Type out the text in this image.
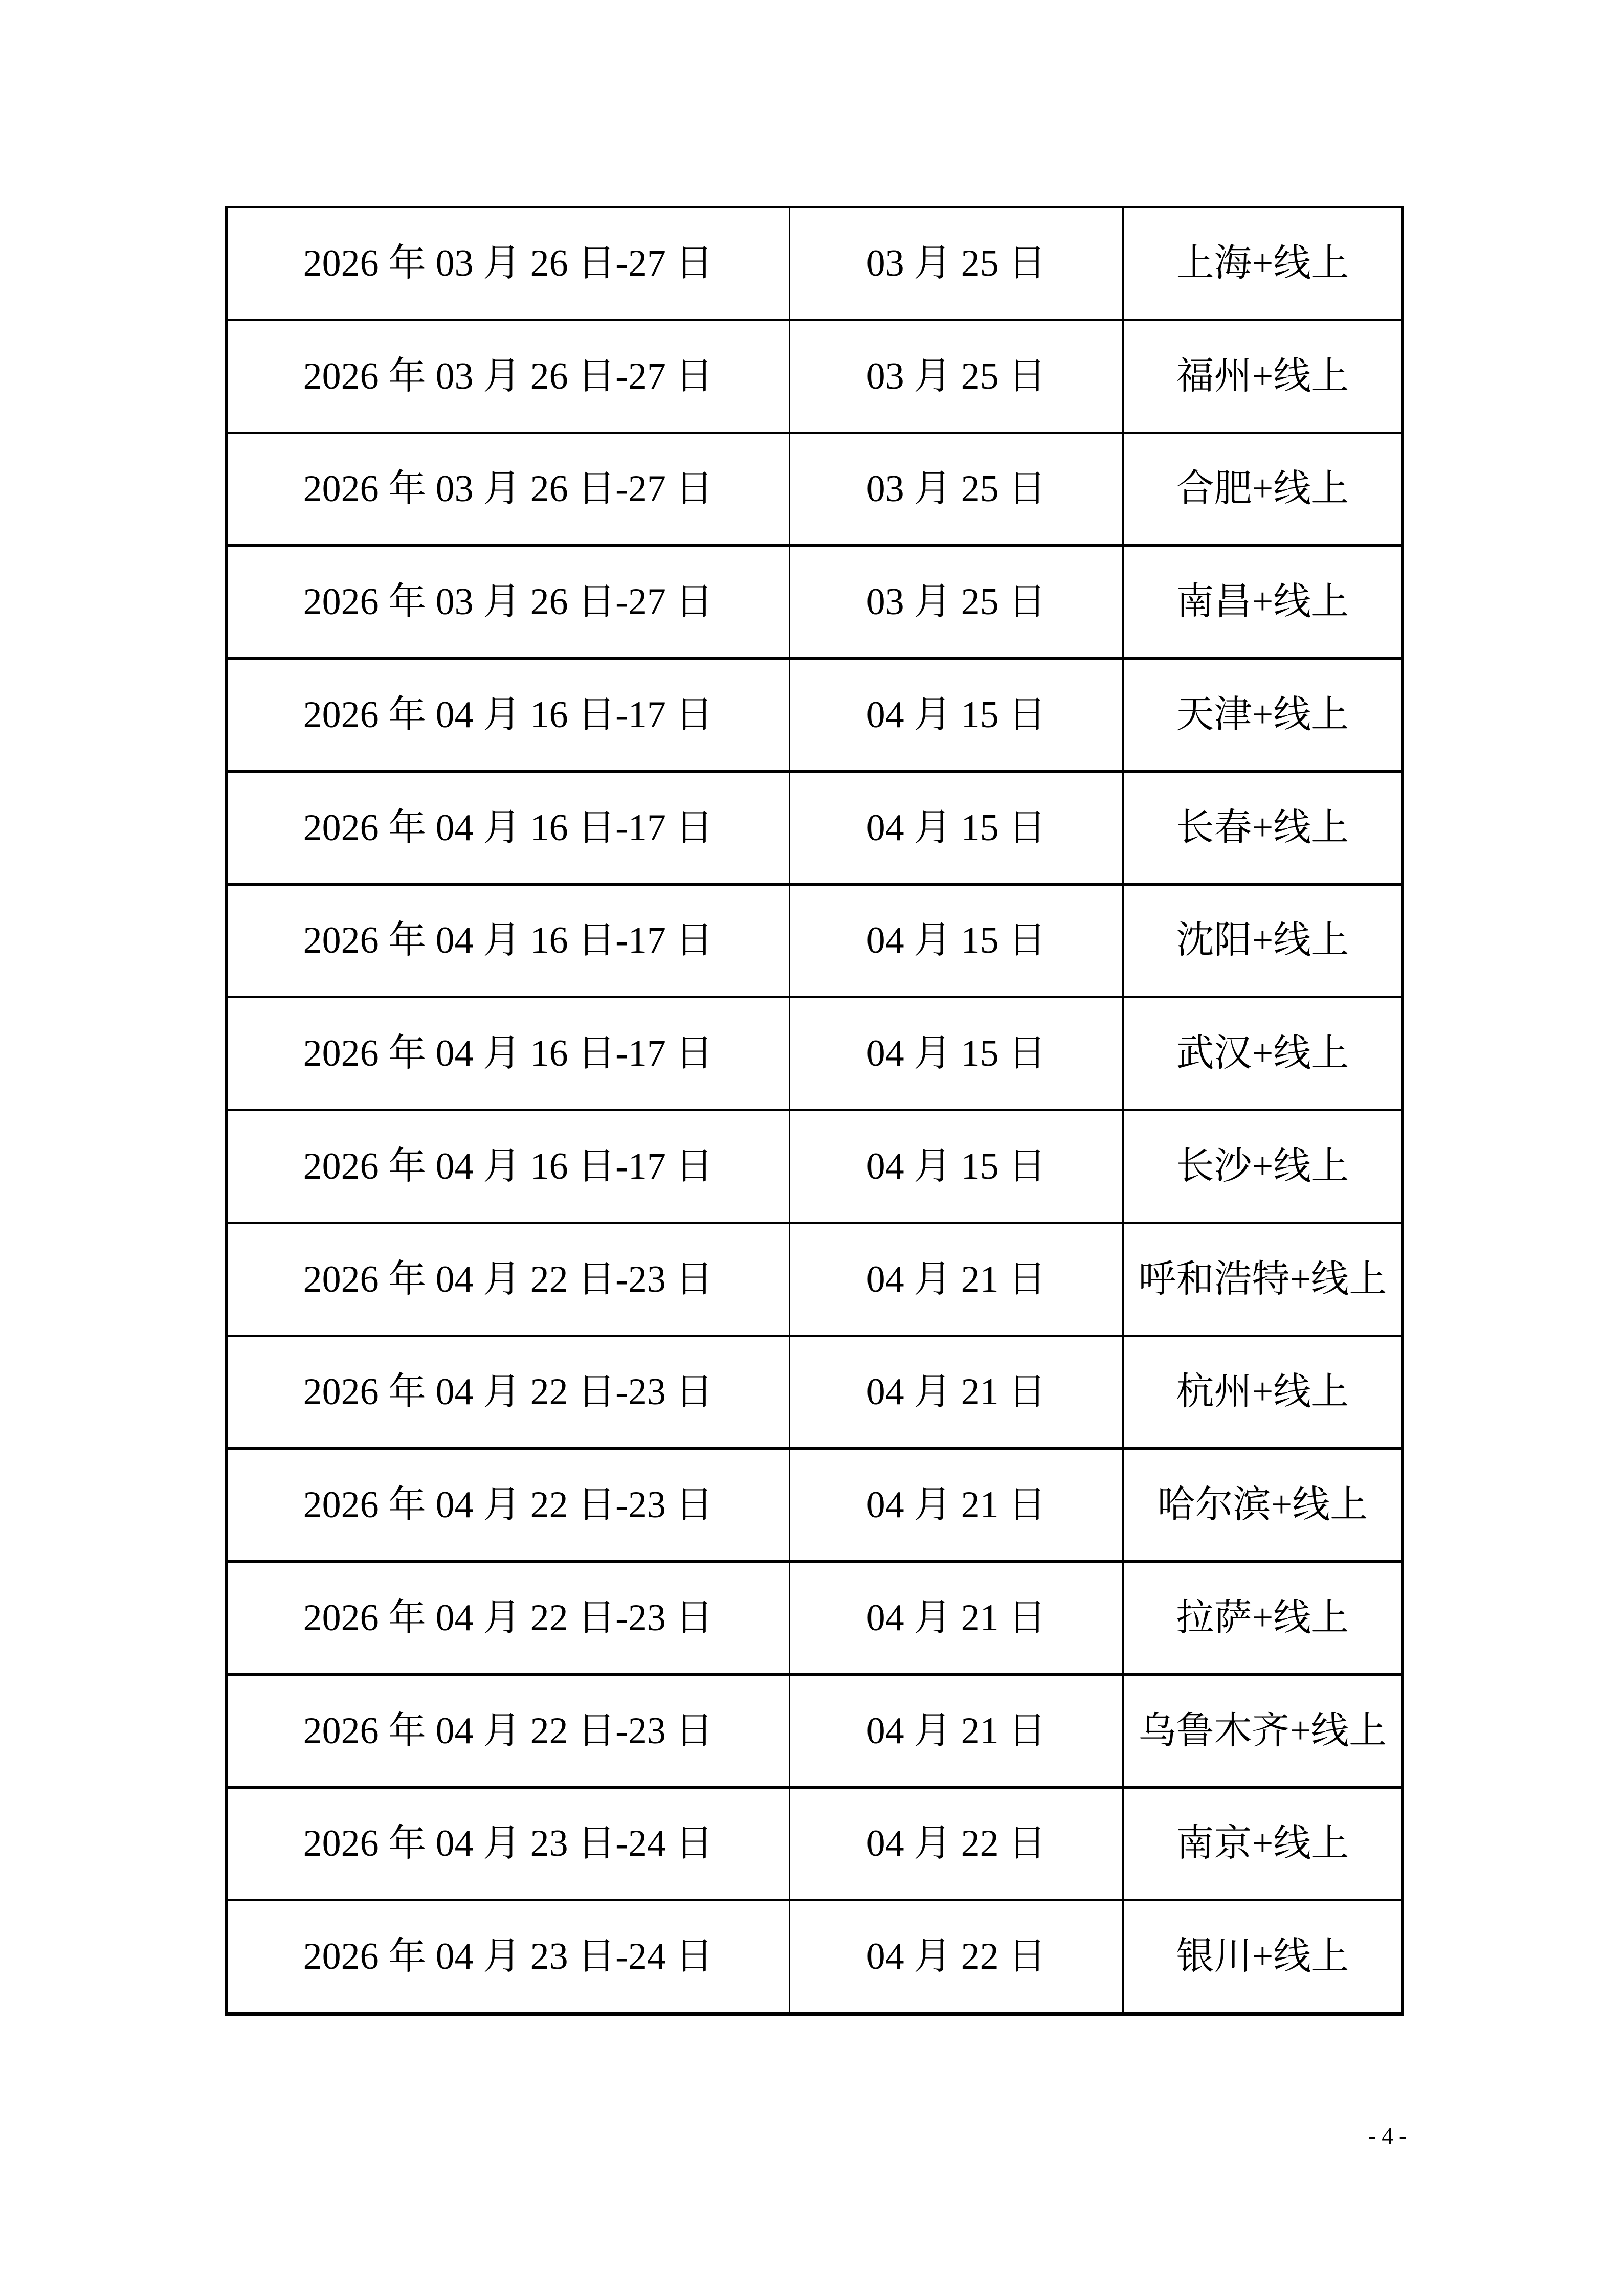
2026 年 03 月 26 日-27 日	03 月 25 日	上海+线上
2026 年 03 月 26 日-27 日	03 月 25 日	福州+线上
2026 年 03 月 26 日-27 日	03 月 25 日	合肥+线上
2026 年 03 月 26 日-27 日	03 月 25 日	南昌+线上
2026 年 04 月 16 日-17 日	04 月 15 日	天津+线上
2026 年 04 月 16 日-17 日	04 月 15 日	长春+线上
2026 年 04 月 16 日-17 日	04 月 15 日	沈阳+线上
2026 年 04 月 16 日-17 日	04 月 15 日	武汉+线上
2026 年 04 月 16 日-17 日	04 月 15 日	长沙+线上
2026 年 04 月 22 日-23 日	04 月 21 日	呼和浩特+线上
2026 年 04 月 22 日-23 日	04 月 21 日	杭州+线上
2026 年 04 月 22 日-23 日	04 月 21 日	哈尔滨+线上
2026 年 04 月 22 日-23 日	04 月 21 日	拉萨+线上
2026 年 04 月 22 日-23 日	04 月 21 日	乌鲁木齐+线上
2026 年 04 月 23 日-24 日	04 月 22 日	南京+线上
2026 年 04 月 23 日-24 日	04 月 22 日	银川+线上
- 4 -
